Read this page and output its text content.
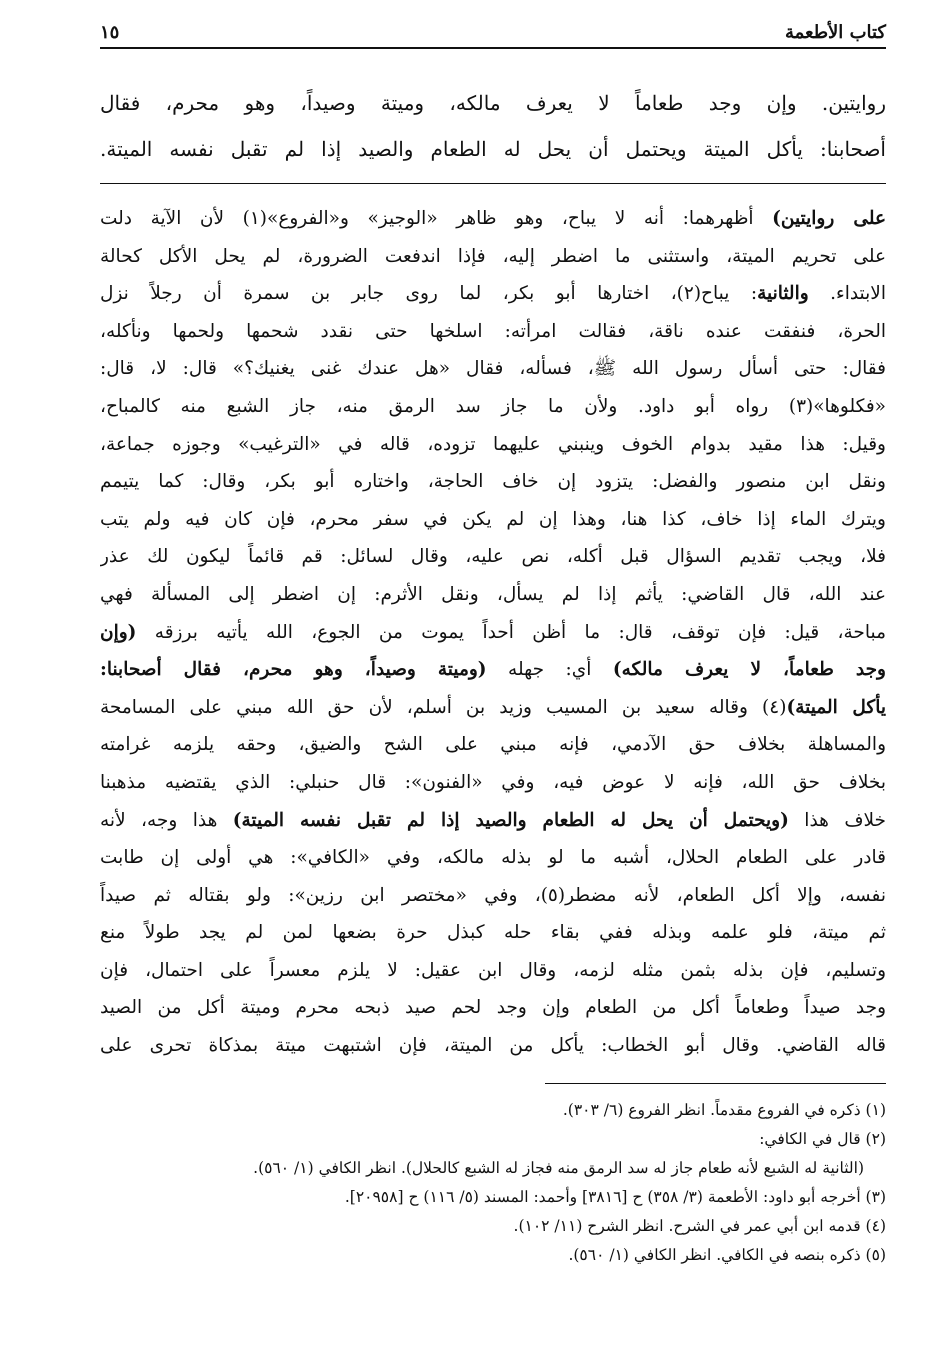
كتاب الأطعمة
١٥
روايتين. وإن وجد طعاماً لا يعرف مالكه، وميتة وصيداً، وهو محرم، فقال
أصحابنا: يأكل الميتة ويحتمل أن يحل له الطعام والصيد إذا لم تقبل نفسه الميتة.
على روايتين) أظهرهما: أنه لا يباح، وهو ظاهر «الوجيز» و«الفروع»(١) لأن الآية دلت
على تحريم الميتة، واستثنى ما اضطر إليه، فإذا اندفعت الضرورة، لم يحل الأكل كحالة
الابتداء. والثانية: يباح(٢)، اختارها أبو بكر، لما روى جابر بن سمرة أن رجلاً نزل
الحرة، فنفقت عنده ناقة، فقالت امرأته: اسلخها حتى نقدد شحمها ولحمها ونأكله،
فقال: حتى أسأل رسول الله ﷺ، فسأله، فقال «هل عندك غنى يغنيك؟» قال: لا، قال:
«فكلوها»(٣) رواه أبو داود. ولأن ما جاز سد الرمق منه، جاز الشبع منه كالمباح،
وقيل: هذا مقيد بدوام الخوف وينبني عليهما تزوده، قاله في «الترغيب» وجوزه جماعة،
ونقل ابن منصور والفضل: يتزود إن خاف الحاجة، واختاره أبو بكر، وقال: كما يتيمم
ويترك الماء إذا خاف، كذا هنا، وهذا إن لم يكن في سفر محرم، فإن كان فيه ولم يتب
فلا، ويجب تقديم السؤال قبل أكله، نص عليه، وقال لسائل: قم قائماً ليكون لك عذر
عند الله، قال القاضي: يأثم إذا لم يسأل، ونقل الأثرم: إن اضطر إلى المسألة فهي
مباحة، قيل: فإن توقف، قال: ما أظن أحداً يموت من الجوع، الله يأتيه برزقه (وإن
وجد طعاماً، لا يعرف مالكه) أي: جهله (وميتة وصيداً، وهو محرم، فقال أصحابنا:
يأكل الميتة)(٤) وقاله سعيد بن المسيب وزيد بن أسلم، لأن حق الله مبني على المسامحة
والمساهلة بخلاف حق الآدمي، فإنه مبني على الشح والضيق، وحقه يلزمه غرامته
بخلاف حق الله، فإنه لا عوض فيه، وفي «الفنون»: قال حنبلي: الذي يقتضيه مذهبنا
خلاف هذا (ويحتمل أن يحل له الطعام والصيد إذا لم تقبل نفسه الميتة) هذا وجه، لأنه
قادر على الطعام الحلال، أشبه ما لو بذله مالكه، وفي «الكافي»: هي أولى إن طابت
نفسه، وإلا أكل الطعام، لأنه مضطر(٥)، وفي «مختصر ابن رزين»: ولو بقتاله ثم صيداً
ثم ميتة، فلو علمه وبذله ففي بقاء حله كبذل حرة بضعها لمن لم يجد طولاً منع
وتسليم، فإن بذله بثمن مثله لزمه، وقال ابن عقيل: لا يلزم معسراً على احتمال، فإن
وجد صيداً وطعاماً أكل من الطعام وإن وجد لحم صيد ذبحه محرم وميتة أكل من الصيد
قاله القاضي. وقال أبو الخطاب: يأكل من الميتة، فإن اشتبهت ميتة بمذكاة تحرى على
(١) ذكره في الفروع مقدماً. انظر الفروع (٦/ ٣٠٣).
(٢) قال في الكافي:
(الثانية له الشبع لأنه طعام جاز له سد الرمق منه فجاز له الشبع كالحلال). انظر الكافي (١/ ٥٦٠).
(٣) أخرجه أبو داود: الأطعمة (٣/ ٣٥٨) ح [٣٨١٦] وأحمد: المسند (٥/ ١١٦) ح [٢٠٩٥٨].
(٤) قدمه ابن أبي عمر في الشرح. انظر الشرح (١١/ ١٠٢).
(٥) ذكره بنصه في الكافي. انظر الكافي (١/ ٥٦٠).
